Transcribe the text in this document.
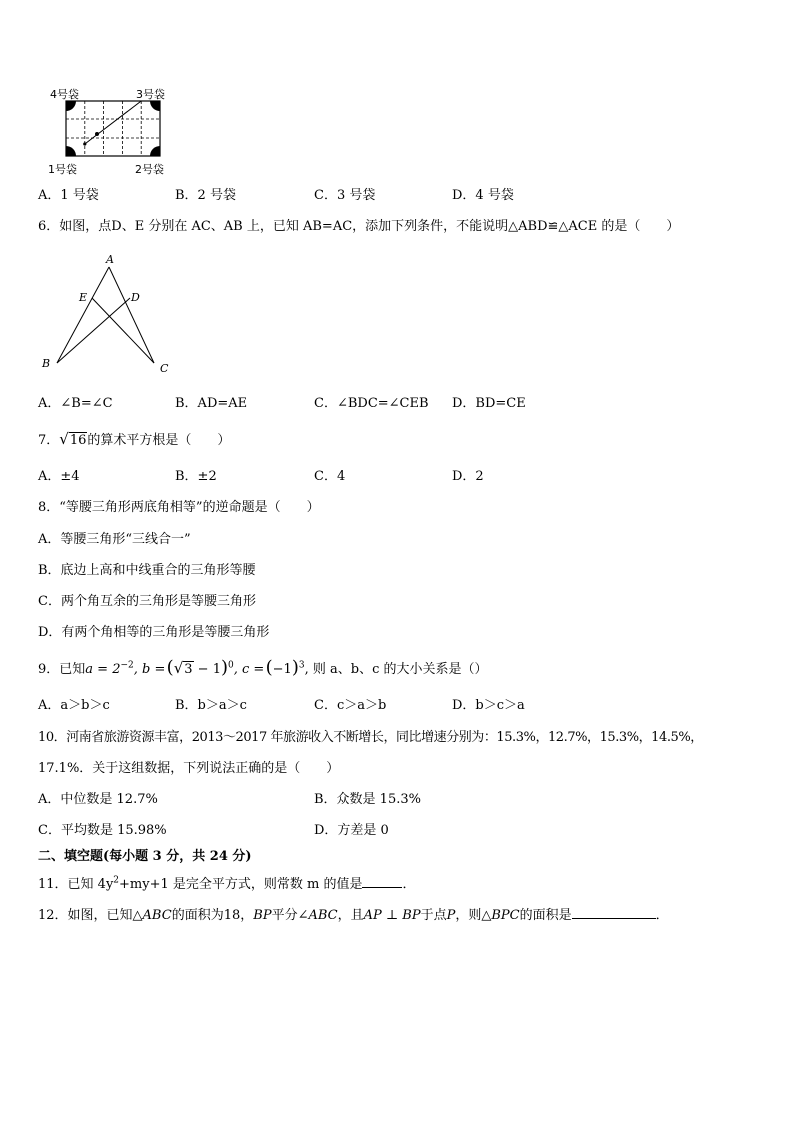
4号袋	3号袋
1号袋	2号袋
A．1 号袋	B．2 号袋	C．3 号袋	D．4 号袋
6．如图，点D、E 分别在 AC、AB 上，已知 AB=AC，添加下列条件，不能说明△ABD≌△ACE 的是（　　）
A
E	D
B	C
A．∠B=∠C	B．AD=AE	C．∠BDC=∠CEB D．BD=CE
7．√16的算术平方根是（　　）
A．±4	B．±2	C．4	D．2
8．“等腰三角形两底角相等”的逆命题是（　　）
A．等腰三角形“三线合一”
B．底边上高和中线重合的三角形等腰
C．两个角互余的三角形是等腰三角形
D．有两个角相等的三角形是等腰三角形
9．已知$a = 2^{-2}$, b = $(√3 - 1)^0$, c = $(-1)^3$, 则 a、b、c 的大小关系是（）
A．a＞b＞c	B．b＞a＞c	C．c＞a＞b	D．b＞c＞a
10．河南省旅游资源丰富，2013～2017 年旅游收入不断增长，同比增速分别为：15.3%，12.7%，15.3%，14.5%，
17.1%．关于这组数据，下列说法正确的是（　　）
A．中位数是 12.7%	B．众数是 15.3%
C．平均数是 15.98%	D．方差是 0
二、填空题(每小题 3 分，共 24 分)
11．已知 $4y^2+my+1$ 是完全平方式，则常数 m 的值是	．
12．如图，已知△ABC的面积为18，BP平分∠ABC，且AP ⊥ BP于点P，则△BPC的面积是	．
